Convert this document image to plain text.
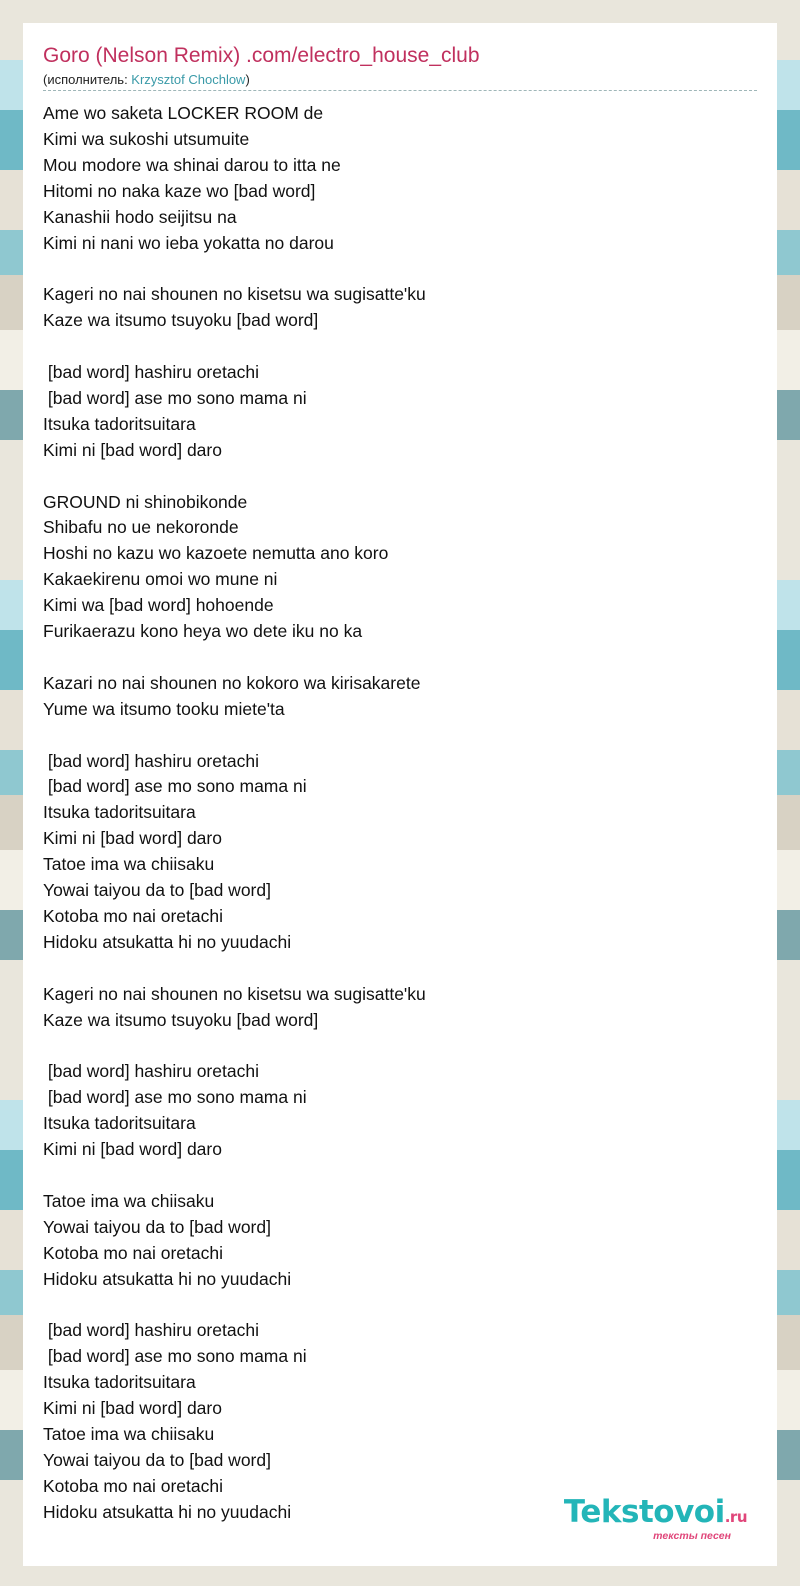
Goro (Nelson Remix) .com/electro_house_club
(исполнитель: Krzysztof Chochlow)
Ame wo saketa LOCKER ROOM de
Kimi wa sukoshi utsumuite
Mou modore wa shinai darou to itta ne
Hitomi no naka kaze wo [bad word]
Kanashii hodo seijitsu na
Kimi ni nani wo ieba yokatta no darou
Kageri no nai shounen no kisetsu wa sugisatte'ku
Kaze wa itsumo tsuyoku [bad word]
[bad word] hashiru oretachi
[bad word] ase mo sono mama ni
Itsuka tadoritsuitara
Kimi ni [bad word] daro
GROUND ni shinobikonde
Shibafu no ue nekoronde
Hoshi no kazu wo kazoete nemutta ano koro
Kakaekirenu omoi wo mune ni
Kimi wa [bad word] hohoende
Furikaerazu kono heya wo dete iku no ka
Kazari no nai shounen no kokoro wa kirisakarete
Yume wa itsumo tooku miete'ta
[bad word] hashiru oretachi
[bad word] ase mo sono mama ni
Itsuka tadoritsuitara
Kimi ni [bad word] daro
Tatoe ima wa chiisaku
Yowai taiyou da to [bad word]
Kotoba mo nai oretachi
Hidoku atsukatta hi no yuudachi
Kageri no nai shounen no kisetsu wa sugisatte'ku
Kaze wa itsumo tsuyoku [bad word]
[bad word] hashiru oretachi
[bad word] ase mo sono mama ni
Itsuka tadoritsuitara
Kimi ni [bad word] daro
Tatoe ima wa chiisaku
Yowai taiyou da to [bad word]
Kotoba mo nai oretachi
Hidoku atsukatta hi no yuudachi
[bad word] hashiru oretachi
[bad word] ase mo sono mama ni
Itsuka tadoritsuitara
Kimi ni [bad word] daro
Tatoe ima wa chiisaku
Yowai taiyou da to [bad word]
Kotoba mo nai oretachi
Hidoku atsukatta hi no yuudachi	Tekstovoi.ru
тексты песен
